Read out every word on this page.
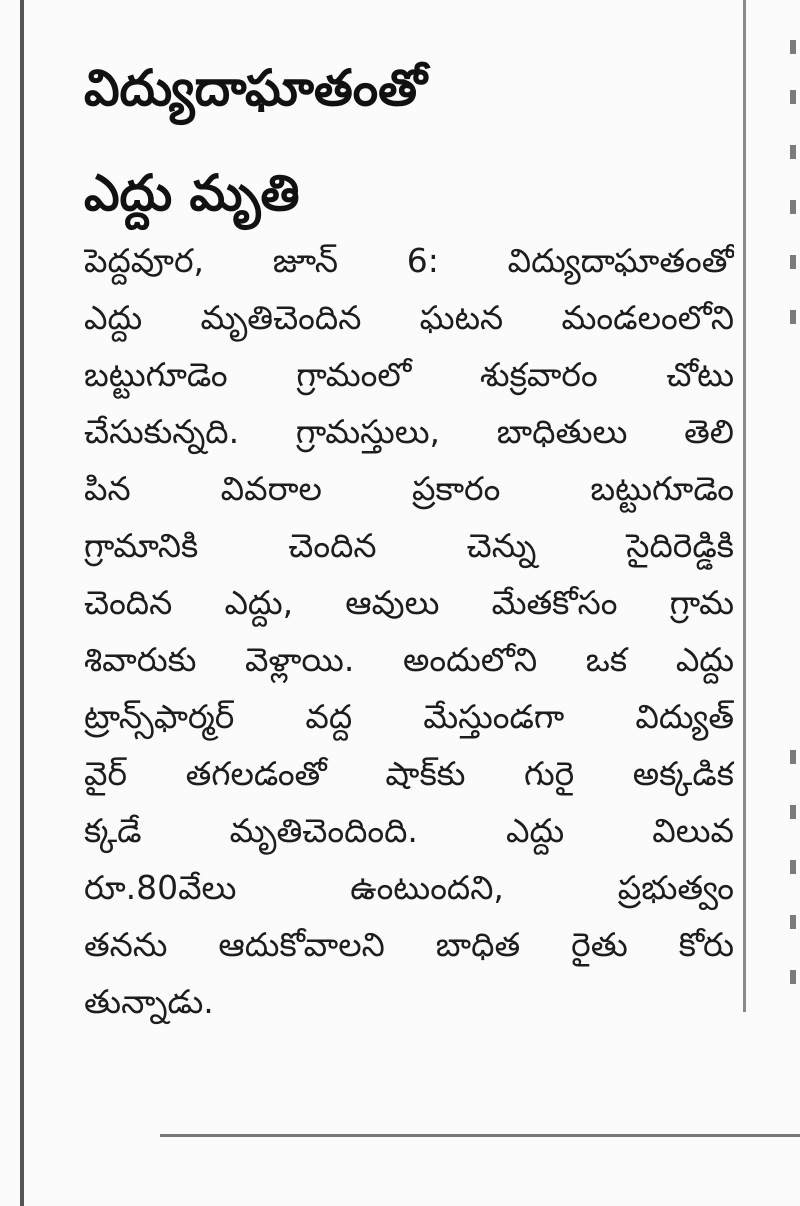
విద్యుదాఘాతంతో
ఎద్దు మృతి
పెద్దవూర, జూన్ 6: విద్యుదాఘాతంతో
ఎద్దు మృతిచెందిన ఘటన మండలంలోని
బట్టుగూడెం గ్రామంలో శుక్రవారం చోటు
చేసుకున్నది. గ్రామస్తులు, బాధితులు తెలి
పిన వివరాల ప్రకారం బట్టుగూడెం
గ్రామానికి చెందిన చెన్ను సైదిరెడ్డికి
చెందిన ఎద్దు, ఆవులు మేతకోసం గ్రామ
శివారుకు వెళ్లాయి. అందులోని ఒక ఎద్దు
ట్రాన్స్‌ఫార్మర్ వద్ద మేస్తుండగా విద్యుత్
వైర్ తగలడంతో షాక్‌కు గురై అక్కడిక
క్కడే మృతిచెందింది. ఎద్దు విలువ
రూ.80వేలు ఉంటుందని, ప్రభుత్వం
తనను ఆదుకోవాలని బాధిత రైతు కోరు
తున్నాడు.
